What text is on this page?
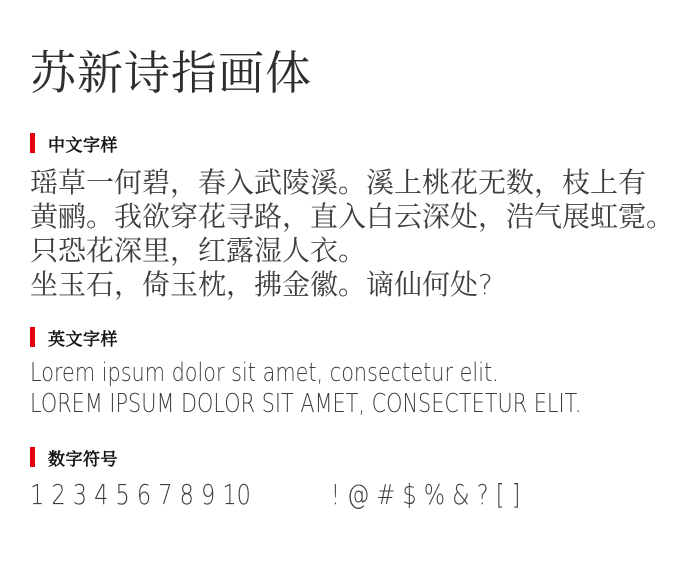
苏新诗指画体
中文字样
瑶草一何碧，春入武陵溪。溪上桃花无数，枝上有
黄鹂。我欲穿花寻路，直入白云深处，浩气展虹霓。
只恐花深里，红露湿人衣。
坐玉石，倚玉枕，拂金徽。谪仙何处?
英文字样
Lorem ipsum dolor sit amet, consectetur elit.
LOREM IPSUM DOLOR SIT AMET, CONSECTETUR ELIT.
数字符号
1 2 3 4 5 6 7 8 9 10	! @ # $ % & ? [ ]
